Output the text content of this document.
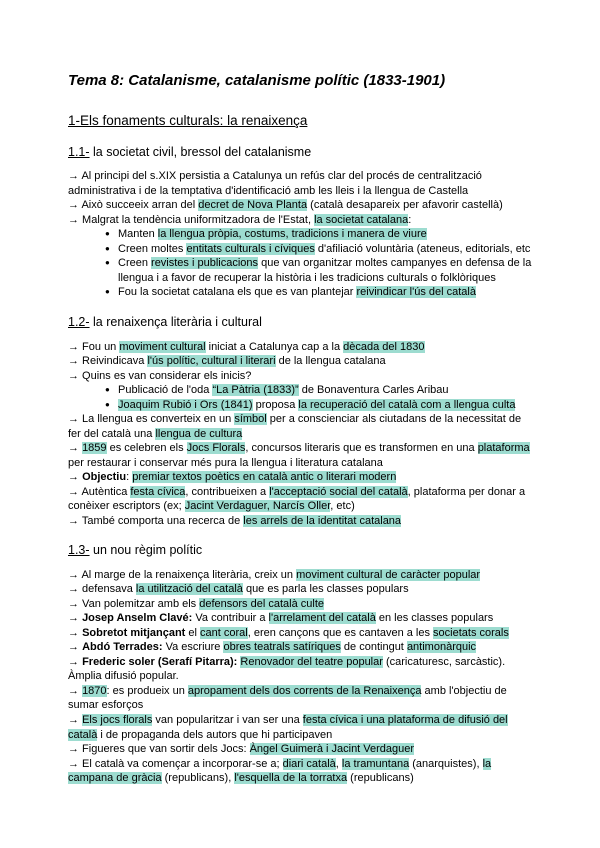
Tema 8: Catalanisme, catalanisme polític (1833-1901)
1-Els fonaments culturals: la renaixença
1.1- la societat civil, bressol del catalanisme

→ Al principi del s.XIX persistia a Catalunya un refús clar del procés de centralització administrativa i de la temptativa d'identificació amb les lleis i la llengua de Castella

→ Això succeeix arran del decret de Nova Planta (català desapareix per afavorir castellà)

→ Malgrat la tendència uniformitzadora de l'Estat, la societat catalana:

● Manten la llengua pròpia, costums, tradicions i manera de viure
● Creen moltes entitats culturals i cíviques d'afiliació voluntària (ateneus, editorials, etc
● Creen revistes i publicacions que van organitzar moltes campanyes en defensa de la llengua i a favor de recuperar la història i les tradicions culturals o folklòriques
● Fou la societat catalana els que es van plantejar reivindicar l'ús del català
1.2- la renaixença literària i cultural

→ Fou un moviment cultural iniciat a Catalunya cap a la dècada del 1830

→ Reivindicava l'ús polític, cultural i literari de la llengua catalana

→ Quins es van considerar els inicis?

● Publicació de l'oda “La Pàtria (1833)” de Bonaventura Carles Aribau
● Joaquim Rubió i Ors (1841) proposa la recuperació del català com a llengua culta

→ La llengua es converteix en un símbol per a conscienciar als ciutadans de la necessitat de fer del català una llengua de cultura

→ 1859 es celebren els Jocs Florals, concursos literaris que es transformen en una plataforma per restaurar i conservar més pura la llengua i literatura catalana

→ Objectiu: premiar textos poètics en català antic o literari modern

→ Autèntica festa cívica, contribueixen a l'acceptació social del català, plataforma per donar a conèixer escriptors (ex; Jacint Verdaguer, Narcís Oller, etc)

→ També comporta una recerca de les arrels de la identitat catalana

1.3- un nou règim polític

→ Al marge de la renaixença literària, creix un moviment cultural de caràcter popular

→ defensava la utilització del català que es parla les classes populars

→ Van polemitzar amb els defensors del català culte

→ Josep Anselm Clavé: Va contribuir a l'arrelament del català en les classes populars

→ Sobretot mitjançant el cant coral, eren cançons que es cantaven a les societats corals

→ Abdó Terrades: Va escriure obres teatrals satíriques de contingut antimonàrquic

→ Frederic soler (Serafí Pitarra): Renovador del teatre popular (caricaturesc, sarcàstic). Àmplia difusió popular.

→ 1870: es produeix un apropament dels dos corrents de la Renaixença amb l'objectiu de sumar esforços

→ Els jocs florals van popularitzar i van ser una festa cívica i una plataforma de difusió del català i de propaganda dels autors que hi participaven

→ Figueres que van sortir dels Jocs: Àngel Guimerà i Jacint Verdaguer

→ El català va començar a incorporar-se a; diari català, la tramuntana (anarquistes), la campana de gràcia (republicans), l'esquella de la torratxa (republicans)
